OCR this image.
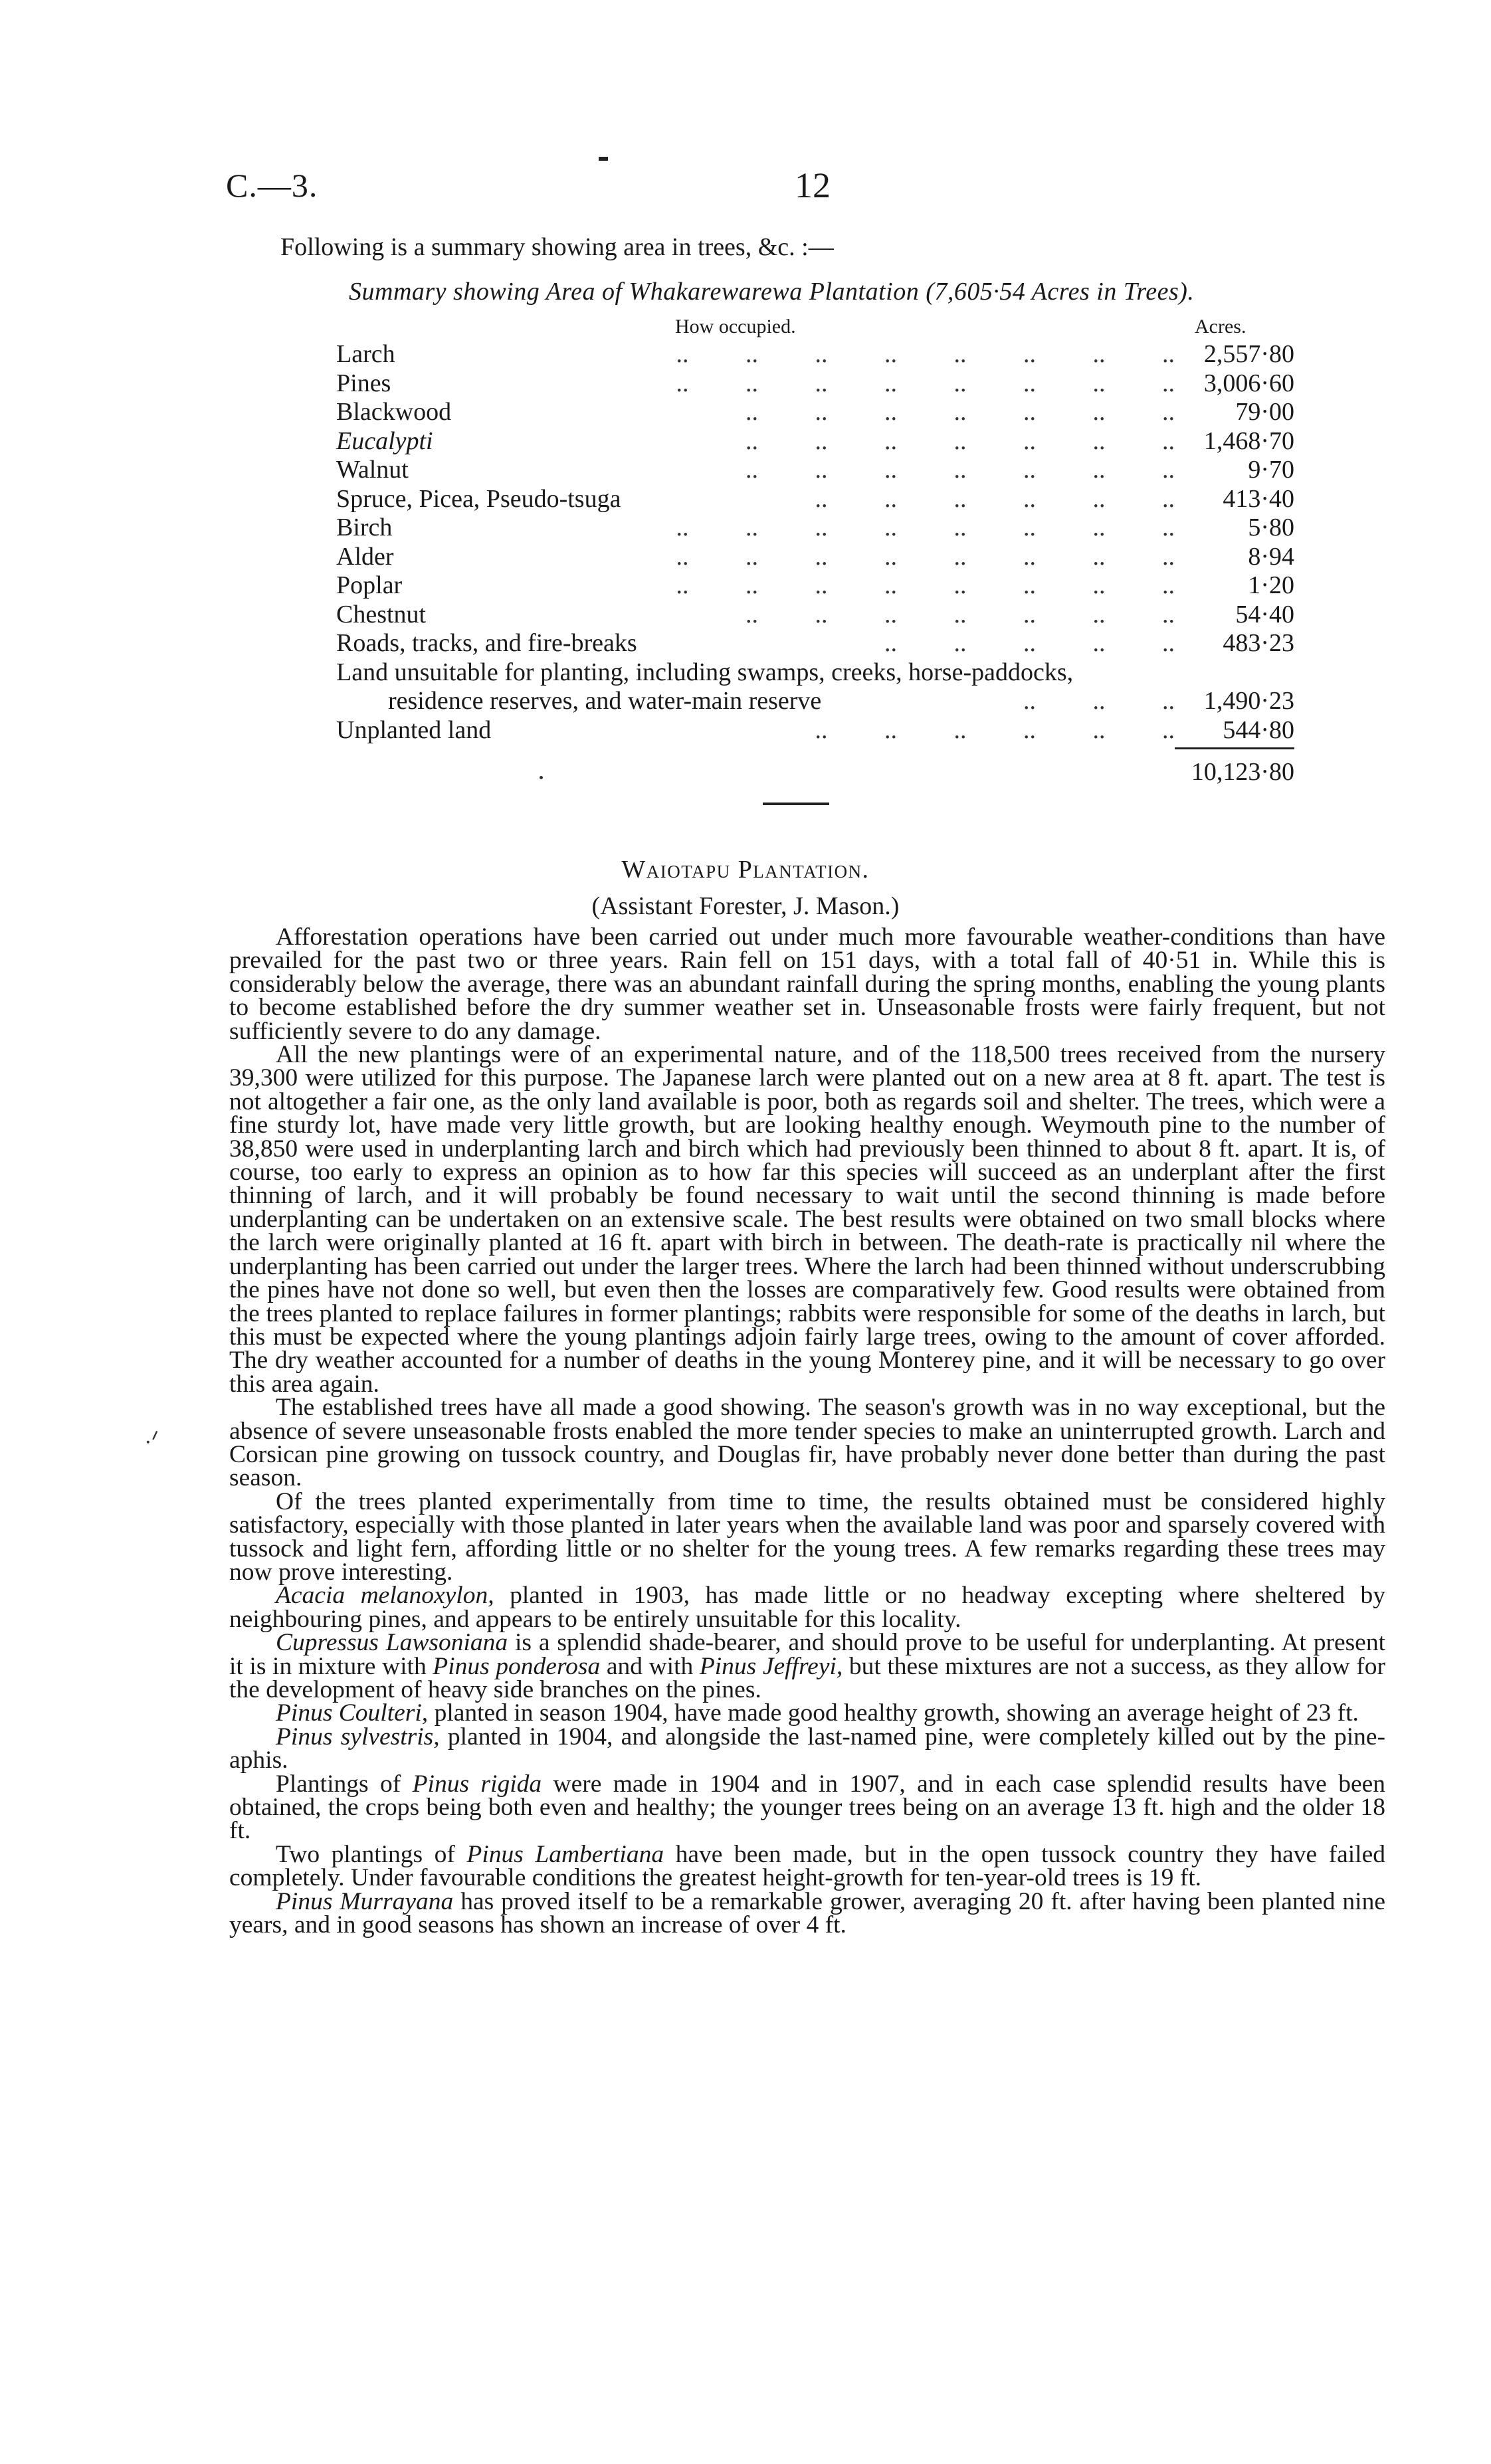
C.—3.	12
Following is a summary showing area in trees, &c. :—
Summary showing Area of Whakarewarewa Plantation (7,605·54 Acres in Trees).
How occupied.	Acres.
..         ..         ..         ..         ..         ..         ..         ..
Larch	2,557·80
..         ..         ..         ..         ..         ..         ..         ..
Pines	3,006·60
..         ..         ..         ..         ..         ..         ..
Blackwood	79·00
..         ..         ..         ..         ..         ..         ..
Eucalypti	1,468·70
..         ..         ..         ..         ..         ..         ..
Walnut	9·70
..         ..         ..         ..         ..         ..
Spruce, Picea, Pseudo-tsuga	413·40
..         ..         ..         ..         ..         ..         ..         ..
Birch	5·80
..         ..         ..         ..         ..         ..         ..         ..
Alder	8·94
..         ..         ..         ..         ..         ..         ..         ..
Poplar	1·20
..         ..         ..         ..         ..         ..         ..
Chestnut	54·40
..         ..         ..         ..         ..
Roads, tracks, and fire-breaks	483·23
Land unsuitable for planting, including swamps, creeks, horse-paddocks,
..         ..         ..
residence reserves, and water-main reserve	1,490·23
..         ..         ..         ..         ..         ..
Unplanted land	544·80
10,123·80
Waiotapu Plantation.
(Assistant Forester, J. Mason.)
·ᐟ

Afforestation operations have been carried out under much more favourable weather-conditions than have prevailed for the past two or three years. Rain fell on 151 days, with a total fall of 40·51 in. While this is considerably below the average, there was an abundant rainfall during the spring months, enabling the young plants to become established before the dry summer weather set in. Unseasonable frosts were fairly frequent, but not sufficiently severe to do any damage.

All the new plantings were of an experimental nature, and of the 118,500 trees received from the nursery 39,300 were utilized for this purpose. The Japanese larch were planted out on a new area at 8 ft. apart. The test is not altogether a fair one, as the only land available is poor, both as regards soil and shelter. The trees, which were a fine sturdy lot, have made very little growth, but are looking healthy enough. Weymouth pine to the number of 38,850 were used in underplanting larch and birch which had previously been thinned to about 8 ft. apart. It is, of course, too early to express an opinion as to how far this species will succeed as an underplant after the first thinning of larch, and it will probably be found necessary to wait until the second thinning is made before underplanting can be undertaken on an extensive scale. The best results were obtained on two small blocks where the larch were originally planted at 16 ft. apart with birch in between. The death-rate is practically nil where the underplanting has been carried out under the larger trees. Where the larch had been thinned without underscrubbing the pines have not done so well, but even then the losses are comparatively few. Good results were obtained from the trees planted to replace failures in former plantings; rabbits were responsible for some of the deaths in larch, but this must be expected where the young plantings adjoin fairly large trees, owing to the amount of cover afforded. The dry weather accounted for a number of deaths in the young Monterey pine, and it will be necessary to go over this area again.

The established trees have all made a good showing. The season's growth was in no way exceptional, but the absence of severe unseasonable frosts enabled the more tender species to make an uninterrupted growth. Larch and Corsican pine growing on tussock country, and Douglas fir, have probably never done better than during the past season.

Of the trees planted experimentally from time to time, the results obtained must be considered highly satisfactory, especially with those planted in later years when the available land was poor and sparsely covered with tussock and light fern, affording little or no shelter for the young trees. A few remarks regarding these trees may now prove interesting.

Acacia melanoxylon, planted in 1903, has made little or no headway excepting where sheltered by neighbouring pines, and appears to be entirely unsuitable for this locality.

Cupressus Lawsoniana is a splendid shade-bearer, and should prove to be useful for underplanting. At present it is in mixture with Pinus ponderosa and with Pinus Jeffreyi, but these mixtures are not a success, as they allow for the development of heavy side branches on the pines.

Pinus Coulteri, planted in season 1904, have made good healthy growth, showing an average height of 23 ft.

Pinus sylvestris, planted in 1904, and alongside the last-named pine, were completely killed out by the pine-aphis.

Plantings of Pinus rigida were made in 1904 and in 1907, and in each case splendid results have been obtained, the crops being both even and healthy; the younger trees being on an average 13 ft. high and the older 18 ft.

Two plantings of Pinus Lambertiana have been made, but in the open tussock country they have failed completely. Under favourable conditions the greatest height-growth for ten-year-old trees is 19 ft.

Pinus Murrayana has proved itself to be a remarkable grower, averaging 20 ft. after having been planted nine years, and in good seasons has shown an increase of over 4 ft.
